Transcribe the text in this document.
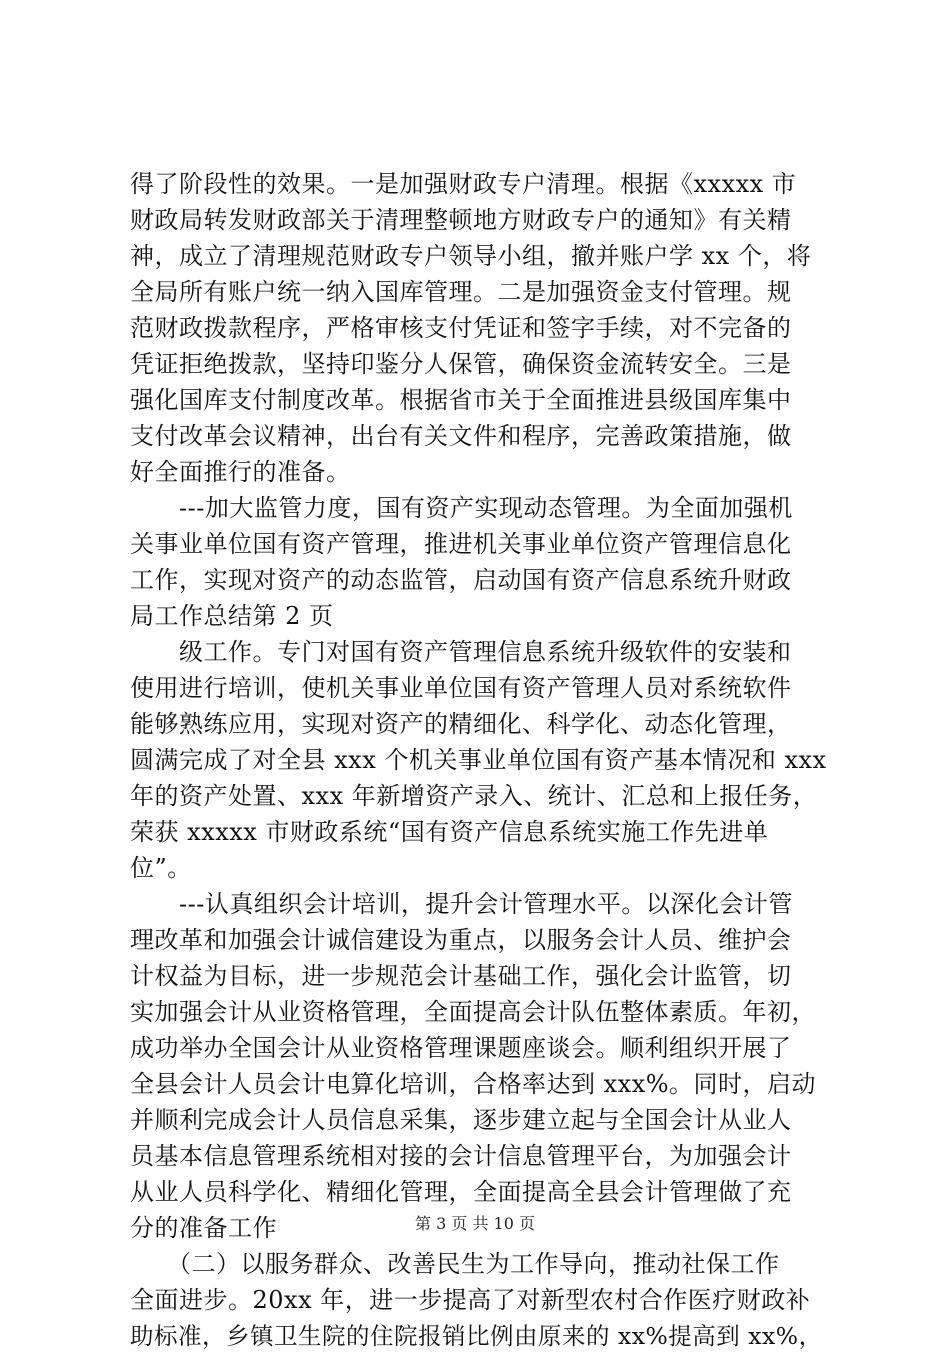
得了阶段性的效果。一是加强财政专户清理。根据《xxxxx 市
财政局转发财政部关于清理整顿地方财政专户的通知》有关精
神，成立了清理规范财政专户领导小组，撤并账户学 xx 个，将
全局所有账户统一纳入国库管理。二是加强资金支付管理。规
范财政拨款程序，严格审核支付凭证和签字手续，对不完备的
凭证拒绝拨款，坚持印鉴分人保管，确保资金流转安全。三是
强化国库支付制度改革。根据省市关于全面推进县级国库集中
支付改革会议精神，出台有关文件和程序，完善政策措施，做
好全面推行的准备。
　　---加大监管力度，国有资产实现动态管理。为全面加强机
关事业单位国有资产管理，推进机关事业单位资产管理信息化
工作，实现对资产的动态监管，启动国有资产信息系统升财政
局工作总结第 2 页
　　级工作。专门对国有资产管理信息系统升级软件的安装和
使用进行培训，使机关事业单位国有资产管理人员对系统软件
能够熟练应用，实现对资产的精细化、科学化、动态化管理，
圆满完成了对全县 xxx 个机关事业单位国有资产基本情况和 xxx
年的资产处置、xxx 年新增资产录入、统计、汇总和上报任务，
荣获 xxxxx 市财政系统“国有资产信息系统实施工作先进单
位”。
　　---认真组织会计培训，提升会计管理水平。以深化会计管
理改革和加强会计诚信建设为重点，以服务会计人员、维护会
计权益为目标，进一步规范会计基础工作，强化会计监管，切
实加强会计从业资格管理，全面提高会计队伍整体素质。年初，
成功举办全国会计从业资格管理课题座谈会。顺利组织开展了
全县会计人员会计电算化培训，合格率达到 xxx%。同时，启动
并顺利完成会计人员信息采集，逐步建立起与全国会计从业人
员基本信息管理系统相对接的会计信息管理平台，为加强会计
从业人员科学化、精细化管理，全面提高全县会计管理做了充
分的准备工作
　　（二）以服务群众、改善民生为工作导向，推动社保工作
全面进步。20xx 年，进一步提高了对新型农村合作医疗财政补
助标准，乡镇卫生院的住院报销比例由原来的 xx%提高到 xx%，
第 3 页 共 10 页
